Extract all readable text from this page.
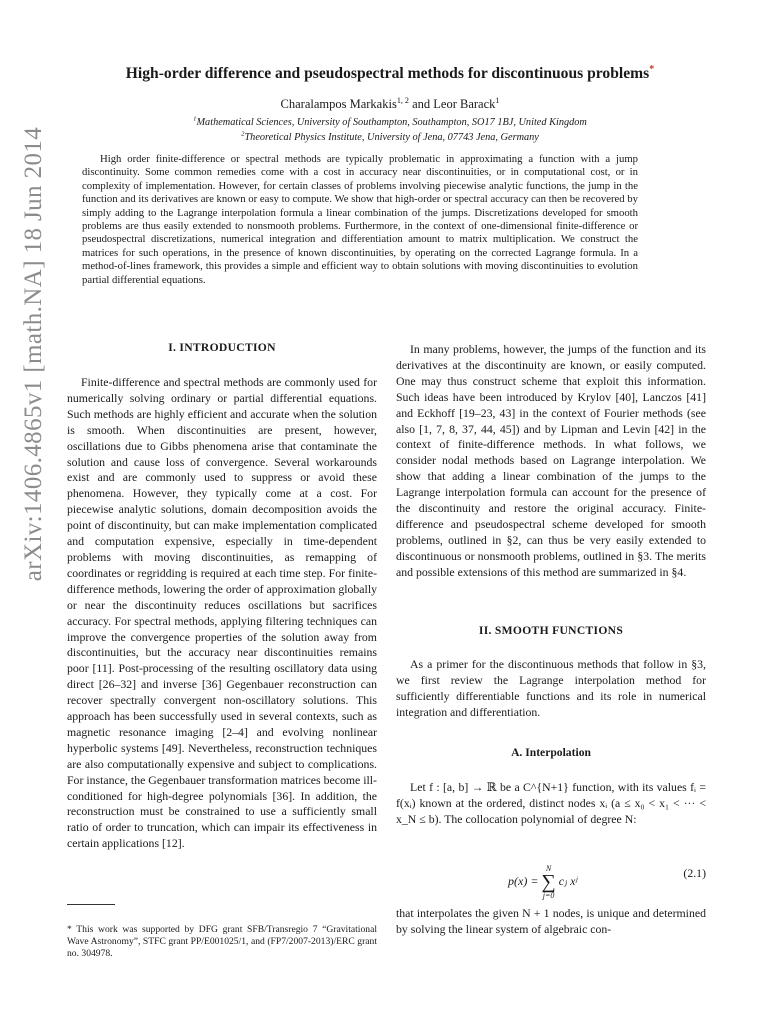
arXiv:1406.4865v1 [math.NA] 18 Jun 2014
High-order difference and pseudospectral methods for discontinuous problems*
Charalampos Markakis$^{1, 2}$ and Leor Barack$^1$
$^1$Mathematical Sciences, University of Southampton, Southampton, SO17 1BJ, United Kingdom
$^2$Theoretical Physics Institute, University of Jena, 07743 Jena, Germany
High order finite-difference or spectral methods are typically problematic in approximating a function with a jump discontinuity. Some common remedies come with a cost in accuracy near discontinuities, or in computational cost, or in complexity of implementation. However, for certain classes of problems involving piecewise analytic functions, the jump in the function and its derivatives are known or easy to compute. We show that high-order or spectral accuracy can then be recovered by simply adding to the Lagrange interpolation formula a linear combination of the jumps. Discretizations developed for smooth problems are thus easily extended to nonsmooth problems. Furthermore, in the context of one-dimensional finite-difference or pseudospectral discretizations, numerical integration and differentiation amount to matrix multiplication. We construct the matrices for such operations, in the presence of known discontinuities, by operating on the corrected Lagrange formula. In a method-of-lines framework, this provides a simple and efficient way to obtain solutions with moving discontinuities to evolution partial differential equations.
I. INTRODUCTION
Finite-difference and spectral methods are commonly used for numerically solving ordinary or partial differential equations. Such methods are highly efficient and accurate when the solution is smooth. When discontinuities are present, however, oscillations due to Gibbs phenomena arise that contaminate the solution and cause loss of convergence. Several workarounds exist and are commonly used to suppress or avoid these phenomena. However, they typically come at a cost. For piecewise analytic solutions, domain decomposition avoids the point of discontinuity, but can make implementation complicated and computation expensive, especially in time-dependent problems with moving discontinuities, as remapping of coordinates or regridding is required at each time step. For finite-difference methods, lowering the order of approximation globally or near the discontinuity reduces oscillations but sacrifices accuracy. For spectral methods, applying filtering techniques can improve the convergence properties of the solution away from discontinuities, but the accuracy near discontinuities remains poor [11]. Post-processing of the resulting oscillatory data using direct [26–32] and inverse [36] Gegenbauer reconstruction can recover spectrally convergent non-oscillatory solutions. This approach has been successfully used in several contexts, such as magnetic resonance imaging [2–4] and evolving nonlinear hyperbolic systems [49]. Nevertheless, reconstruction techniques are also computationally expensive and subject to complications. For instance, the Gegenbauer transformation matrices become ill-conditioned for high-degree polynomials [36]. In addition, the reconstruction must be constrained to use a sufficiently small ratio of order to truncation, which can impair its effectiveness in certain applications [12].
* This work was supported by DFG grant SFB/Transregio 7 “Gravitational Wave Astronomy”, STFC grant PP/E001025/1, and (FP7/2007-2013)/ERC grant no. 304978.
In many problems, however, the jumps of the function and its derivatives at the discontinuity are known, or easily computed. One may thus construct scheme that exploit this information. Such ideas have been introduced by Krylov [40], Lanczos [41] and Eckhoff [19–23, 43] in the context of Fourier methods (see also [1, 7, 8, 37, 44, 45]) and by Lipman and Levin [42] in the context of finite-difference methods. In what follows, we consider nodal methods based on Lagrange interpolation. We show that adding a linear combination of the jumps to the Lagrange interpolation formula can account for the presence of the discontinuity and restore the original accuracy. Finite-difference and pseudospectral scheme developed for smooth problems, outlined in §2, can thus be very easily extended to discontinuous or nonsmooth problems, outlined in §3. The merits and possible extensions of this method are summarized in §4.
II. SMOOTH FUNCTIONS
As a primer for the discontinuous methods that follow in §3, we first review the Lagrange interpolation method for sufficiently differentiable functions and its role in numerical integration and differentiation.
A. Interpolation
Let f : [a, b] → ℝ be a C^{N+1} function, with its values fᵢ = f(xᵢ) known at the ordered, distinct nodes xᵢ (a ≤ x₀ < x₁ < ··· < x_N ≤ b). The collocation polynomial of degree N:
p(x) =
N
∑
j=0
cⱼ xʲ
(2.1)
that interpolates the given N + 1 nodes, is unique and determined by solving the linear system of algebraic con-
